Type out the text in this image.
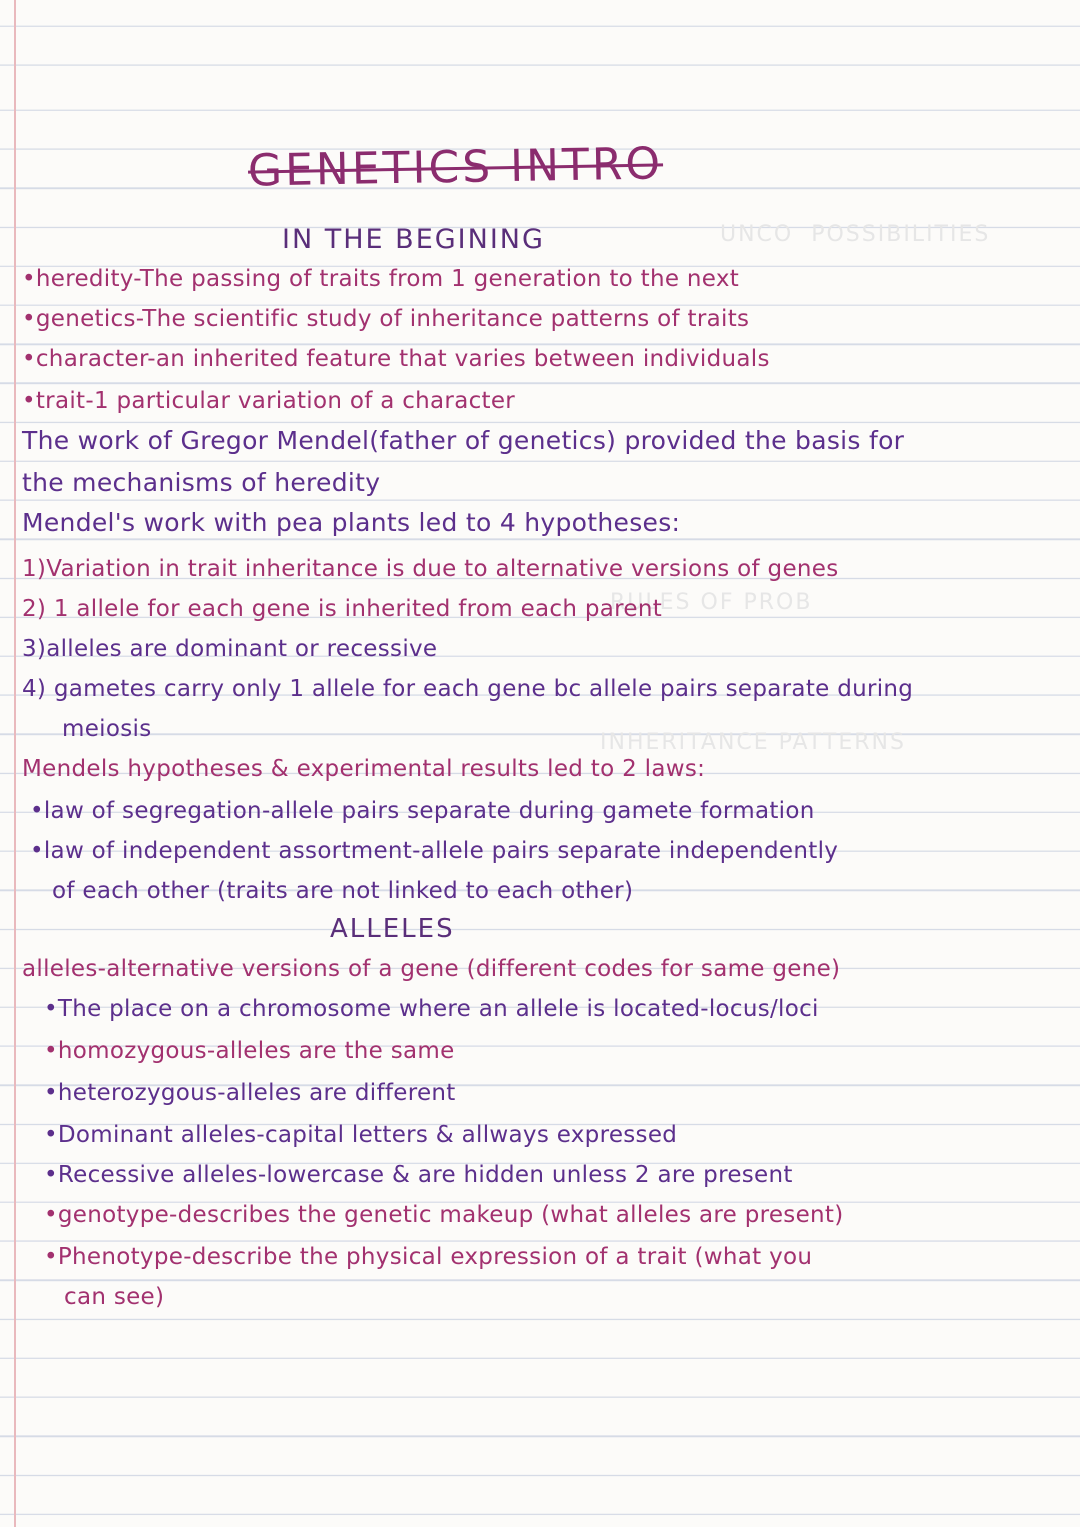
UNCO  POSSIBILITIES
RULES OF PROB
INHERITANCE PATTERNS
GENETICS INTRO
IN THE BEGINING

•heredity-The passing of traits from 1 generation to the next

•genetics-The scientific study of inheritance patterns of traits

•character-an inherited feature that varies between individuals

•trait-1 particular variation of a character

The work of Gregor Mendel(father of genetics) provided the basis for

the mechanisms of heredity

Mendel's work with pea plants led to 4 hypotheses:

1)Variation in trait inheritance is due to alternative versions of genes

2) 1 allele for each gene is inherited from each parent

3)alleles are dominant or recessive

4) gametes carry only 1 allele for each gene bc allele pairs separate during

meiosis

Mendels hypotheses & experimental results led to 2 laws:

•law of segregation-allele pairs separate during gamete formation

•law of independent assortment-allele pairs separate independently

of each other (traits are not linked to each other)

ALLELES

alleles-alternative versions of a gene (different codes for same gene)

•The place on a chromosome where an allele is located-locus/loci

•homozygous-alleles are the same

•heterozygous-alleles are different

•Dominant alleles-capital letters & allways expressed

•Recessive alleles-lowercase & are hidden unless 2 are present

•genotype-describes the genetic makeup (what alleles are present)

•Phenotype-describe the physical expression of a trait (what you

can see)
